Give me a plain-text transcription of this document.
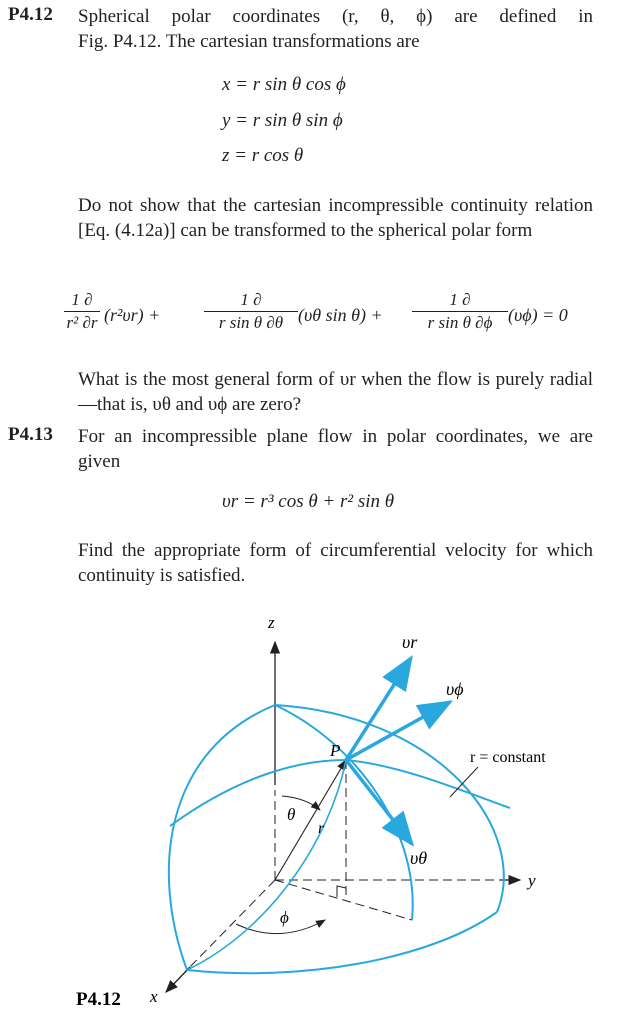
P4.12 Spherical polar coordinates (r, θ, ϕ) are defined in
Fig. P4.12. The cartesian transformations are
x = r sin θ cos ϕ
y = r sin θ sin ϕ
z = r cos θ
Do not show that the cartesian incompressible continuity relation [Eq. (4.12a)] can be transformed to the spherical polar form
1 ∂
r² ∂r (r²υr) +
1 ∂
r sin θ ∂θ (υθ sin θ) +
1 ∂
r sin θ ∂ϕ (υϕ) = 0
What is the most general form of υr when the flow is purely radial—that is, υθ and υϕ are zero?
P4.13 For an incompressible plane flow in polar coordinates, we are given
υr = r³ cos θ + r² sin θ
Find the appropriate form of circumferential velocity for which continuity is satisfied.
z
y
x
P
r
θ
ϕ
υr
υϕ
υθ
r = constant
P4.12
